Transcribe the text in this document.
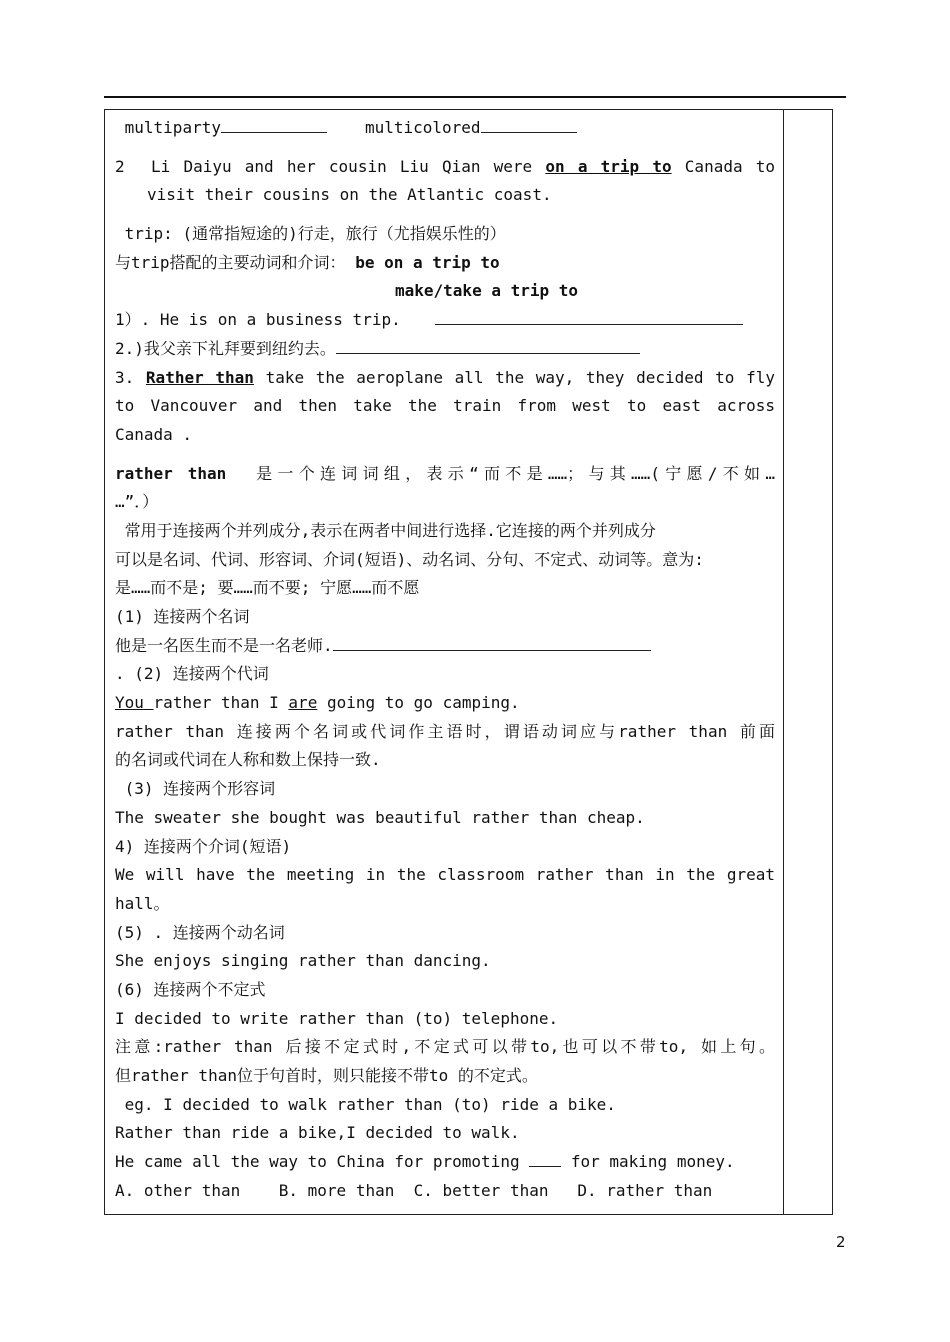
multiparty	multicolored
2 Li Daiyu and her cousin Liu Qian were on a trip to Canada to
visit their cousins on the Atlantic coast.
trip: (通常指短途的)行走，旅行（尤指娱乐性的）
与trip搭配的主要动词和介词： be on a trip to
make/take a trip to
1）. He is on a business trip.
2.)我父亲下礼拜要到纽约去。
3. Rather than take the aeroplane all the way, they decided to fly
to Vancouver and then take the train from west to east across
Canada .
rather than 是一个连词词组，表示“而不是……；与其……(宁愿/不如…
…”．）
常用于连接两个并列成分,表示在两者中间进行选择.它连接的两个并列成分
可以是名词、代词、形容词、介词(短语)、动名词、分句、不定式、动词等。意为:
是……而不是; 要……而不要; 宁愿……而不愿
(1) 连接两个名词
他是一名医生而不是一名老师.
. (2) 连接两个代词
You rather than I are going to go camping.
rather than 连接两个名词或代词作主语时，谓语动词应与rather than 前面
的名词或代词在人称和数上保持一致.
(3) 连接两个形容词
The sweater she bought was beautiful rather than cheap.
4) 连接两个介词(短语)
We will have the meeting in the classroom rather than in the great
hall。
(5) . 连接两个动名词
She enjoys singing rather than dancing.
(6) 连接两个不定式
I decided to write rather than (to) telephone.
注意:rather than 后接不定式时,不定式可以带to,也可以不带to, 如上句。
但rather than位于句首时，则只能接不带to 的不定式。
eg. I decided to walk rather than (to) ride a bike.
Rather than ride a bike,I decided to walk.
He came all the way to China for promoting	for making money.
A. other than    B. more than  C. better than   D. rather than
2
